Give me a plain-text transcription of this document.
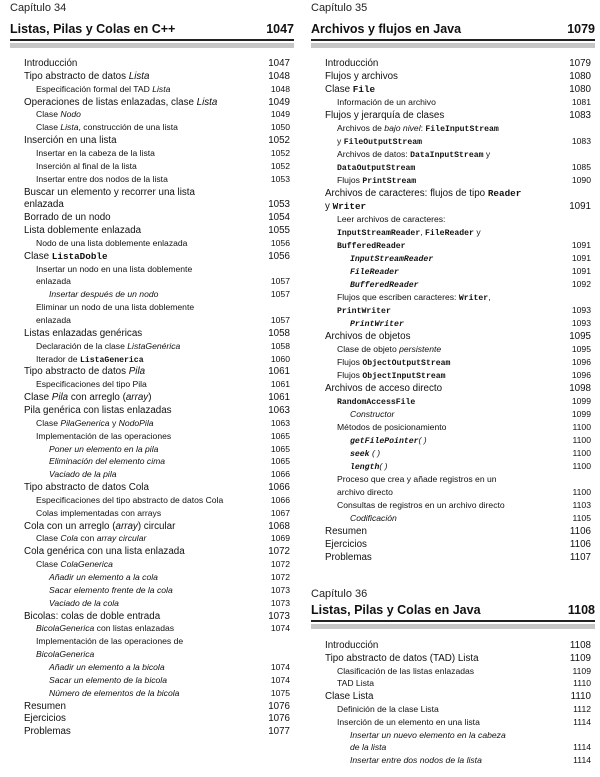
Capítulo 34
Listas, Pilas y Colas en C++	1047
Introducción	1047
Tipo abstracto de datos Lista	1048
Especificación formal del TAD Lista	1048
Operaciones de listas enlazadas, clase Lista	1049
Clase Nodo	1049
Clase Lista, construcción de una lista	1050
Inserción en una lista	1052
Insertar en la cabeza de la lista	1052
Inserción al final de la lista	1052
Insertar entre dos nodos de la lista	1053
Buscar un elemento y recorrer una lista
enlazada	1053
Borrado de un nodo	1054
Lista doblemente enlazada	1055
Nodo de una lista doblemente enlazada	1056
Clase ListaDoble	1056
Insertar un nodo en una lista doblemente
enlazada	1057
Insertar después de un nodo	1057
Eliminar un nodo de una lista doblemente
enlazada	1057
Listas enlazadas genéricas	1058
Declaración de la clase ListaGenérica	1058
Iterador de ListaGenerica	1060
Tipo abstracto de datos Pila	1061
Especificaciones del tipo Pila	1061
Clase Pila con arreglo (array)	1061
Pila genérica con listas enlazadas	1063
Clase PilaGenerica y NodoPila	1063
Implementación de las operaciones	1065
Poner un elemento en la pila	1065
Eliminación del elemento cima	1065
Vaciado de la pila	1066
Tipo abstracto de datos Cola	1066
Especificaciones del tipo abstracto de datos Cola	1066
Colas implementadas con arrays	1067
Cola con un arreglo (array) circular	1068
Clase Cola con array circular	1069
Cola genérica con una lista enlazada	1072
Clase ColaGenerica	1072
Añadir un elemento a la cola	1072
Sacar elemento frente de la cola	1073
Vaciado de la cola	1073
Bicolas: colas de doble entrada	1073
BicolaGenerica con listas enlazadas	1074
Implementación de las operaciones de
BicolaGenerica
Añadir un elemento a la bicola	1074
Sacar un elemento de la bicola	1074
Número de elementos de la bicola	1075
Resumen	1076
Ejercicios	1076
Problemas	1077
Capítulo 35
Archivos y flujos en Java	1079
Introducción	1079
Flujos y archivos	1080
Clase File	1080
Información de un archivo	1081
Flujos y jerarquía de clases	1083
Archivos de bajo nivel: FileInputStream
y FileOutputStream	1083
Archivos de datos: DataInputStream y
DataOutputStream	1085
Flujos PrintStream	1090
Archivos de caracteres: flujos de tipo Reader
y Writer	1091
Leer archivos de caracteres:
InputStreamReader, FileReader y
BufferedReader	1091
InputStreamReader	1091
FileReader	1091
BufferedReader	1092
Flujos que escriben caracteres: Writer,
PrintWriter	1093
PrintWriter	1093
Archivos de objetos	1095
Clase de objeto persistente	1095
Flujos ObjectOutputStream	1096
Flujos ObjectInputStream	1096
Archivos de acceso directo	1098
RandomAccessFile	1099
Constructor	1099
Métodos de posicionamiento	1100
getFilePointer( )	1100
seek ( )	1100
length( )	1100
Proceso que crea y añade registros en un
archivo directo	1100
Consultas de registros en un archivo directo	1103
Codificación	1105
Resumen	1106
Ejercicios	1106
Problemas	1107
Capítulo 36
Listas, Pilas y Colas en Java	1108
Introducción	1108
Tipo abstracto de datos (TAD) Lista	1109
Clasificación de las listas enlazadas	1109
TAD Lista	1110
Clase Lista	1110
Definición de la clase Lista	1112
Inserción de un elemento en una lista	1114
Insertar un nuevo elemento en la cabeza
de la lista	1114
Insertar entre dos nodos de la lista	1114
